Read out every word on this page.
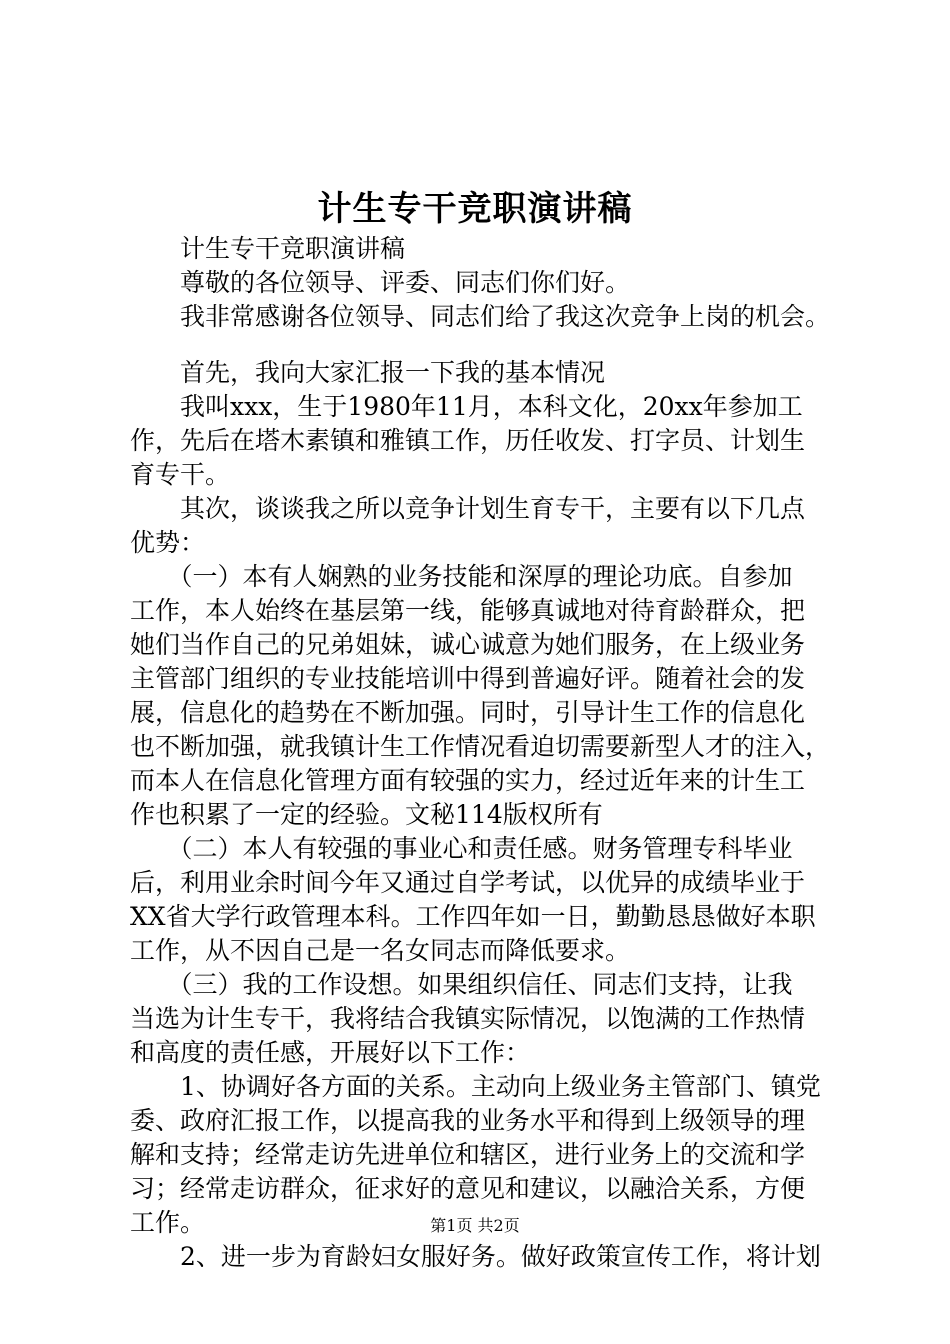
计生专干竞职演讲稿
　　计生专干竞职演讲稿
　　尊敬的各位领导、评委、同志们你们好。
　　我非常感谢各位领导、同志们给了我这次竞争上岗的机会。
　　首先，我向大家汇报一下我的基本情况
　　我叫xxx，生于1980年11月，本科文化，20xx年参加工
作，先后在塔木素镇和雅镇工作，历任收发、打字员、计划生
育专干。
　　其次，谈谈我之所以竞争计划生育专干，主要有以下几点
优势：
　　（一）本有人娴熟的业务技能和深厚的理论功底。自参加
工作，本人始终在基层第一线，能够真诚地对待育龄群众，把
她们当作自己的兄弟姐妹，诚心诚意为她们服务，在上级业务
主管部门组织的专业技能培训中得到普遍好评。随着社会的发
展，信息化的趋势在不断加强。同时，引导计生工作的信息化
也不断加强，就我镇计生工作情况看迫切需要新型人才的注入，
而本人在信息化管理方面有较强的实力，经过近年来的计生工
作也积累了一定的经验。文秘114版权所有
　　（二）本人有较强的事业心和责任感。财务管理专科毕业
后，利用业余时间今年又通过自学考试，以优异的成绩毕业于
XX省大学行政管理本科。工作四年如一日，勤勤恳恳做好本职
工作，从不因自己是一名女同志而降低要求。
　　（三）我的工作设想。如果组织信任、同志们支持，让我
当选为计生专干，我将结合我镇实际情况，以饱满的工作热情
和高度的责任感，开展好以下工作：
　　1、协调好各方面的关系。主动向上级业务主管部门、镇党
委、政府汇报工作，以提高我的业务水平和得到上级领导的理
解和支持；经常走访先进单位和辖区，进行业务上的交流和学
习；经常走访群众，征求好的意见和建议，以融洽关系，方便
工作。
　　2、进一步为育龄妇女服好务。做好政策宣传工作，将计划
第1页 共2页
